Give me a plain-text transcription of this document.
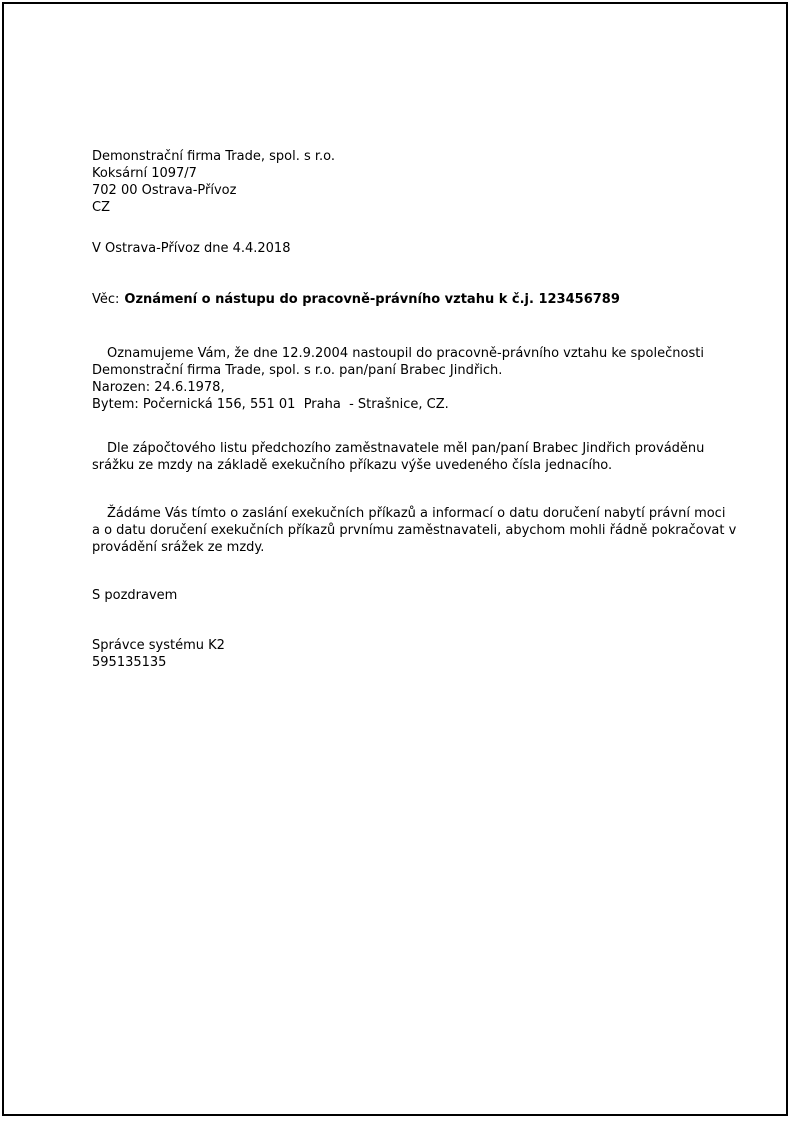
Demonstrační firma Trade, spol. s r.o.
Koksární 1097/7
702 00 Ostrava-Přívoz
CZ
V Ostrava-Přívoz dne 4.4.2018
Věc: Oznámení o nástupu do pracovně-právního vztahu k č.j. 123456789
Oznamujeme Vám, že dne 12.9.2004 nastoupil do pracovně-právního vztahu ke společnosti Demonstrační firma Trade, spol. s r.o. pan/paní Brabec Jindřich.
Narozen: 24.6.1978,
Bytem: Počernická 156, 551 01  Praha  - Strašnice, CZ.
Dle zápočtového listu předchozího zaměstnavatele měl pan/paní Brabec Jindřich prováděnu srážku ze mzdy na základě exekučního příkazu výše uvedeného čísla jednacího.
Žádáme Vás tímto o zaslání exekučních příkazů a informací o datu doručení nabytí právní moci a o datu doručení exekučních příkazů prvnímu zaměstnavateli, abychom mohli řádně pokračovat v provádění srážek ze mzdy.
S pozdravem
Správce systému K2
595135135
